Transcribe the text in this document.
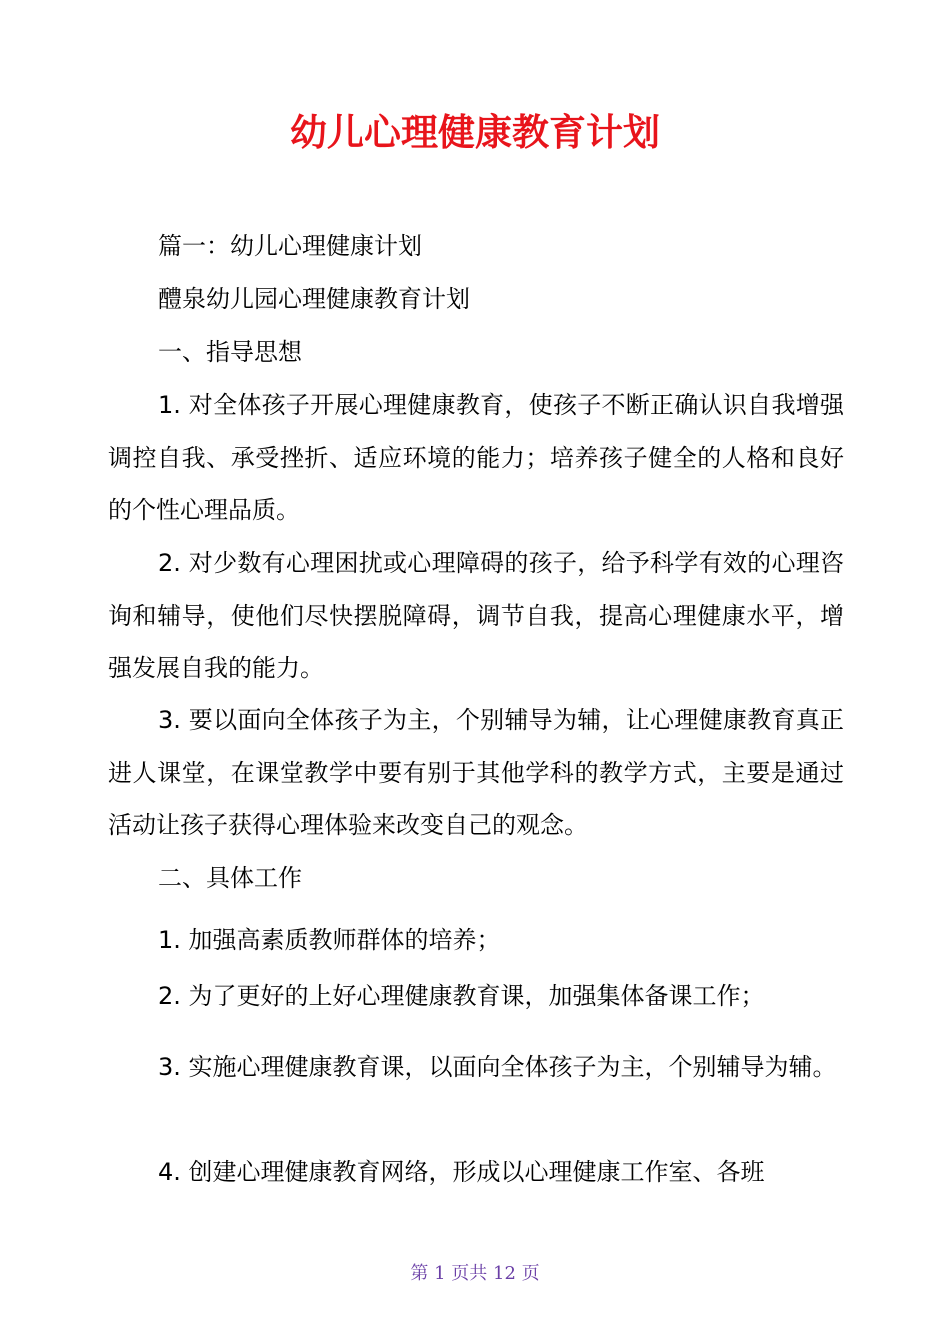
幼儿心理健康教育计划

篇一：幼儿心理健康计划

醴泉幼儿园心理健康教育计划

一、指导思想

1. 对全体孩子开展心理健康教育，使孩子不断正确认识自我增强调控自我、承受挫折、适应环境的能力；培养孩子健全的人格和良好的个性心理品质。

2. 对少数有心理困扰或心理障碍的孩子，给予科学有效的心理咨询和辅导，使他们尽快摆脱障碍，调节自我，提高心理健康水平，增强发展自我的能力。

3. 要以面向全体孩子为主，个别辅导为辅，让心理健康教育真正进人课堂，在课堂教学中要有别于其他学科的教学方式，主要是通过活动让孩子获得心理体验来改变自己的观念。

二、具体工作

1. 加强高素质教师群体的培养；

2. 为了更好的上好心理健康教育课，加强集体备课工作；

3. 实施心理健康教育课，以面向全体孩子为主，个别辅导为辅。

4. 创建心理健康教育网络，形成以心理健康工作室、各班

第 1 页共 12 页
